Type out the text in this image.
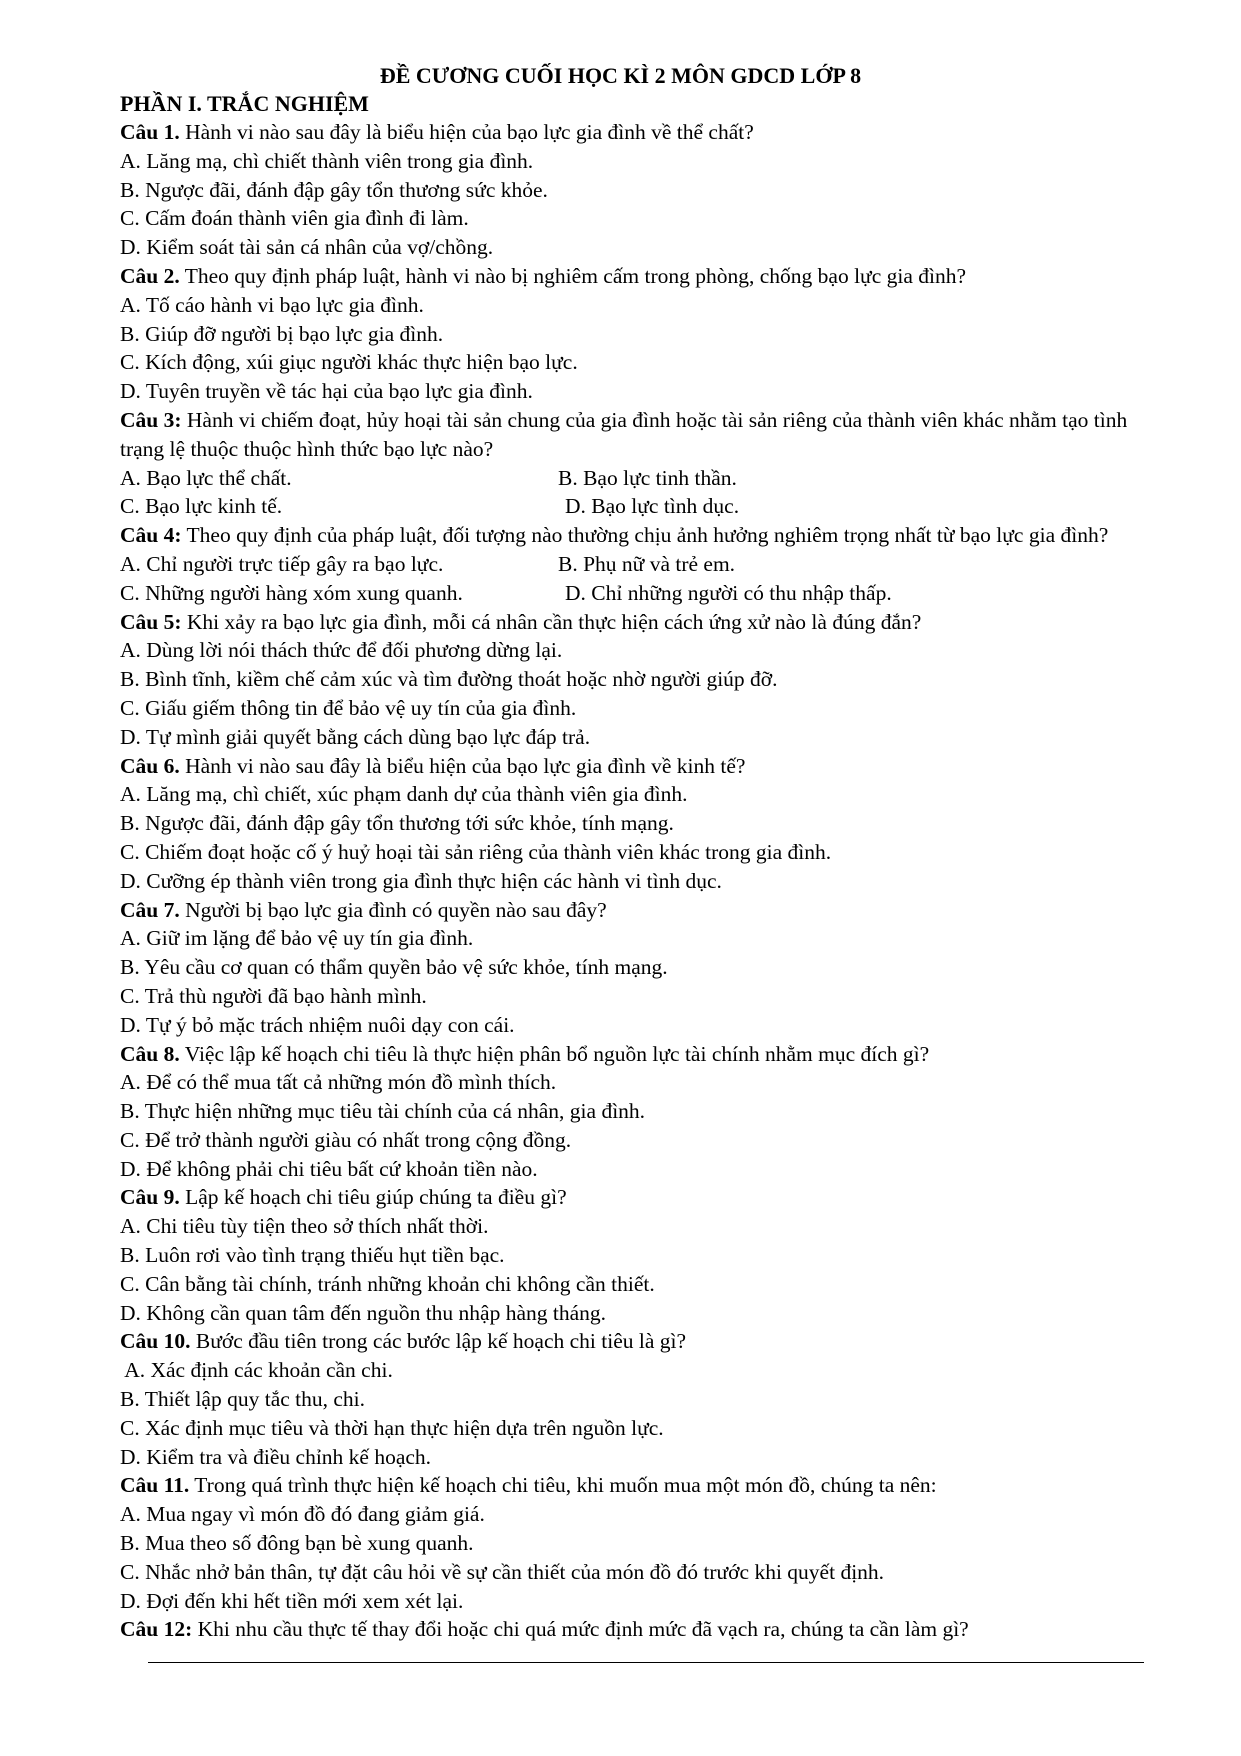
ĐỀ CƯƠNG CUỐI HỌC KÌ 2 MÔN GDCD LỚP 8
PHẦN I. TRẮC NGHIỆM
Câu 1. Hành vi nào sau đây là biểu hiện của bạo lực gia đình về thể chất?
A. Lăng mạ, chì chiết thành viên trong gia đình.
B. Ngược đãi, đánh đập gây tổn thương sức khỏe.
C. Cấm đoán thành viên gia đình đi làm.
D. Kiểm soát tài sản cá nhân của vợ/chồng.
Câu 2. Theo quy định pháp luật, hành vi nào bị nghiêm cấm trong phòng, chống bạo lực gia đình?
A. Tố cáo hành vi bạo lực gia đình.
B. Giúp đỡ người bị bạo lực gia đình.
C. Kích động, xúi giục người khác thực hiện bạo lực.
D. Tuyên truyền về tác hại của bạo lực gia đình.
Câu 3: Hành vi chiếm đoạt, hủy hoại tài sản chung của gia đình hoặc tài sản riêng của thành viên khác nhằm tạo tình trạng lệ thuộc thuộc hình thức bạo lực nào?
A. Bạo lực thể chất.	B. Bạo lực tinh thần.
C. Bạo lực kinh tế.	D. Bạo lực tình dục.
Câu 4: Theo quy định của pháp luật, đối tượng nào thường chịu ảnh hưởng nghiêm trọng nhất từ bạo lực gia đình?
A. Chỉ người trực tiếp gây ra bạo lực.	B. Phụ nữ và trẻ em.
C. Những người hàng xóm xung quanh.	D. Chỉ những người có thu nhập thấp.
Câu 5: Khi xảy ra bạo lực gia đình, mỗi cá nhân cần thực hiện cách ứng xử nào là đúng đắn?
A. Dùng lời nói thách thức để đối phương dừng lại.
B. Bình tĩnh, kiềm chế cảm xúc và tìm đường thoát hoặc nhờ người giúp đỡ.
C. Giấu giếm thông tin để bảo vệ uy tín của gia đình.
D. Tự mình giải quyết bằng cách dùng bạo lực đáp trả.
Câu 6. Hành vi nào sau đây là biểu hiện của bạo lực gia đình về kinh tế?
A. Lăng mạ, chì chiết, xúc phạm danh dự của thành viên gia đình.
B. Ngược đãi, đánh đập gây tổn thương tới sức khỏe, tính mạng.
C. Chiếm đoạt hoặc cố ý huỷ hoại tài sản riêng của thành viên khác trong gia đình.
D. Cưỡng ép thành viên trong gia đình thực hiện các hành vi tình dục.
Câu 7. Người bị bạo lực gia đình có quyền nào sau đây?
A. Giữ im lặng để bảo vệ uy tín gia đình.
B. Yêu cầu cơ quan có thẩm quyền bảo vệ sức khỏe, tính mạng.
C. Trả thù người đã bạo hành mình.
D. Tự ý bỏ mặc trách nhiệm nuôi dạy con cái.
Câu 8. Việc lập kế hoạch chi tiêu là thực hiện phân bổ nguồn lực tài chính nhằm mục đích gì?
A. Để có thể mua tất cả những món đồ mình thích.
B. Thực hiện những mục tiêu tài chính của cá nhân, gia đình.
C. Để trở thành người giàu có nhất trong cộng đồng.
D. Để không phải chi tiêu bất cứ khoản tiền nào.
Câu 9. Lập kế hoạch chi tiêu giúp chúng ta điều gì?
A. Chi tiêu tùy tiện theo sở thích nhất thời.
B. Luôn rơi vào tình trạng thiếu hụt tiền bạc.
C. Cân bằng tài chính, tránh những khoản chi không cần thiết.
D. Không cần quan tâm đến nguồn thu nhập hàng tháng.
Câu 10. Bước đầu tiên trong các bước lập kế hoạch chi tiêu là gì?
A. Xác định các khoản cần chi.
B. Thiết lập quy tắc thu, chi.
C. Xác định mục tiêu và thời hạn thực hiện dựa trên nguồn lực.
D. Kiểm tra và điều chỉnh kế hoạch.
Câu 11. Trong quá trình thực hiện kế hoạch chi tiêu, khi muốn mua một món đồ, chúng ta nên:
A. Mua ngay vì món đồ đó đang giảm giá.
B. Mua theo số đông bạn bè xung quanh.
C. Nhắc nhở bản thân, tự đặt câu hỏi về sự cần thiết của món đồ đó trước khi quyết định.
D. Đợi đến khi hết tiền mới xem xét lại.
Câu 12: Khi nhu cầu thực tế thay đổi hoặc chi quá mức định mức đã vạch ra, chúng ta cần làm gì?
